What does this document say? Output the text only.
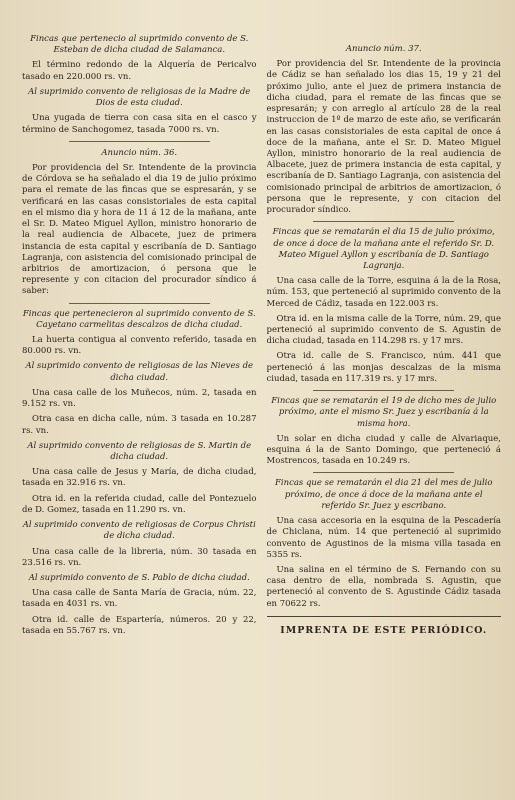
Fincas que pertenecio al suprimido convento de S. Esteban de dicha ciudad de Salamanca.

El término redondo de la Alquería de Pericalvo tasado en 220.000 rs. vn.

Al suprimido convento de religiosas de la Madre de Dios de esta ciudad.

Una yugada de tierra con casa sita en el casco y término de Sanchogomez, tasada 7000 rs. vn.

Anuncio núm. 36.

Por providencia del Sr. Intendente de la provincia de Córdova se ha señalado el dia 19 de julio próximo para el remate de las fincas que se espresarán, y se verificará en las casas consistoriales de esta capital en el mismo dia y hora de 11 á 12 de la mañana, ante el Sr. D. Mateo Miguel Ayllon, ministro honorario de la real audiencia de Albacete, juez de primera instancia de esta capital y escribanía de D. Santiago Lagranja, con asistencia del comisionado principal de arbitrios de amortizacion, ó persona que le represente y con citacion del procurador síndico á saber:

Fincas que pertenecieron al suprimido convento de S. Cayetano carmelitas descalzos de dicha ciudad.

La huerta contigua al convento referido, tasada en 80.000 rs. vn.

Al suprimido convento de religiosas de las Nieves de dicha ciudad.

Una casa calle de los Muñecos, núm. 2, tasada en 9.152 rs. vn.

Otra casa en dicha calle, núm. 3 tasada en 10.287 rs. vn.

Al suprimido convento de religiosas de S. Martin de dicha ciudad.

Una casa calle de Jesus y María, de dicha ciudad, tasada en 32.916 rs. vn.

Otra id. en la referida ciudad, calle del Pontezuelo de D. Gomez, tasada en 11.290 rs. vn.

Al suprimido convento de religiosas de Corpus Christi de dicha ciudad.

Una casa calle de la libreria, núm. 30 tasada en 23.516 rs. vn.

Al suprimido convento de S. Pablo de dicha ciudad.

Una casa calle de Santa María de Gracia, núm. 22, tasada en 4031 rs. vn.

Otra id. calle de Espartería, números. 20 y 22, tasada en 55.767 rs. vn.

Anuncio núm. 37.

Por providencia del Sr. Intendente de la provincia de Cádiz se han señalado los dias 15, 19 y 21 del próximo julio, ante el juez de primera instancia de dicha ciudad, para el remate de las fincas que se espresarán; y con arreglo al artículo 28 de la real instruccion de 1º de marzo de este año, se verificarán en las casas consistoriales de esta capital de once á doce de la mañana, ante el Sr. D. Mateo Miguel Ayllon, ministro honorario de la real audiencia de Albacete, juez de primera instancia de esta capital, y escribanía de D. Santiago Lagranja, con asistencia del comisionado principal de arbitrios de amortizacion, ó persona que le represente, y con citacion del procurador síndico.

Fincas que se rematarán el dia 15 de julio próximo, de once á doce de la mañana ante el referido Sr. D. Mateo Miguel Ayllon y escribanía de D. Santiago Lagranja.

Una casa calle de la Torre, esquina á la de la Rosa, núm. 153, que perteneció al suprimido convento de la Merced de Cádiz, tasada en 122.003 rs.

Otra id. en la misma calle de la Torre, núm. 29, que perteneció al suprimido convento de S. Agustin de dicha ciudad, tasada en 114.298 rs. y 17 mrs.

Otra id. calle de S. Francisco, núm. 441 que perteneció á las monjas descalzas de la misma ciudad, tasada en 117.319 rs. y 17 mrs.

Fincas que se rematarán el 19 de dicho mes de julio próximo, ante el mismo Sr. Juez y escribanía á la misma hora.

Un solar en dicha ciudad y calle de Alvariaque, esquina á la de Santo Domingo, que perteneció á Mostrencos, tasada en 10.249 rs.

Fincas que se rematarán el dia 21 del mes de julio próximo, de once á doce de la mañana ante el referido Sr. Juez y escribano.

Una casa accesoria en la esquina de la Pescadería de Chiclana, núm. 14 que perteneció al suprimido convento de Agustinos de la misma villa tasada en 5355 rs.

Una salina en el término de S. Fernando con su casa dentro de ella, nombrada S. Agustin, que perteneció al convento de S. Agustinde Cádiz tasada en 70622 rs.

IMPRENTA DE ESTE PERIÓDICO.
